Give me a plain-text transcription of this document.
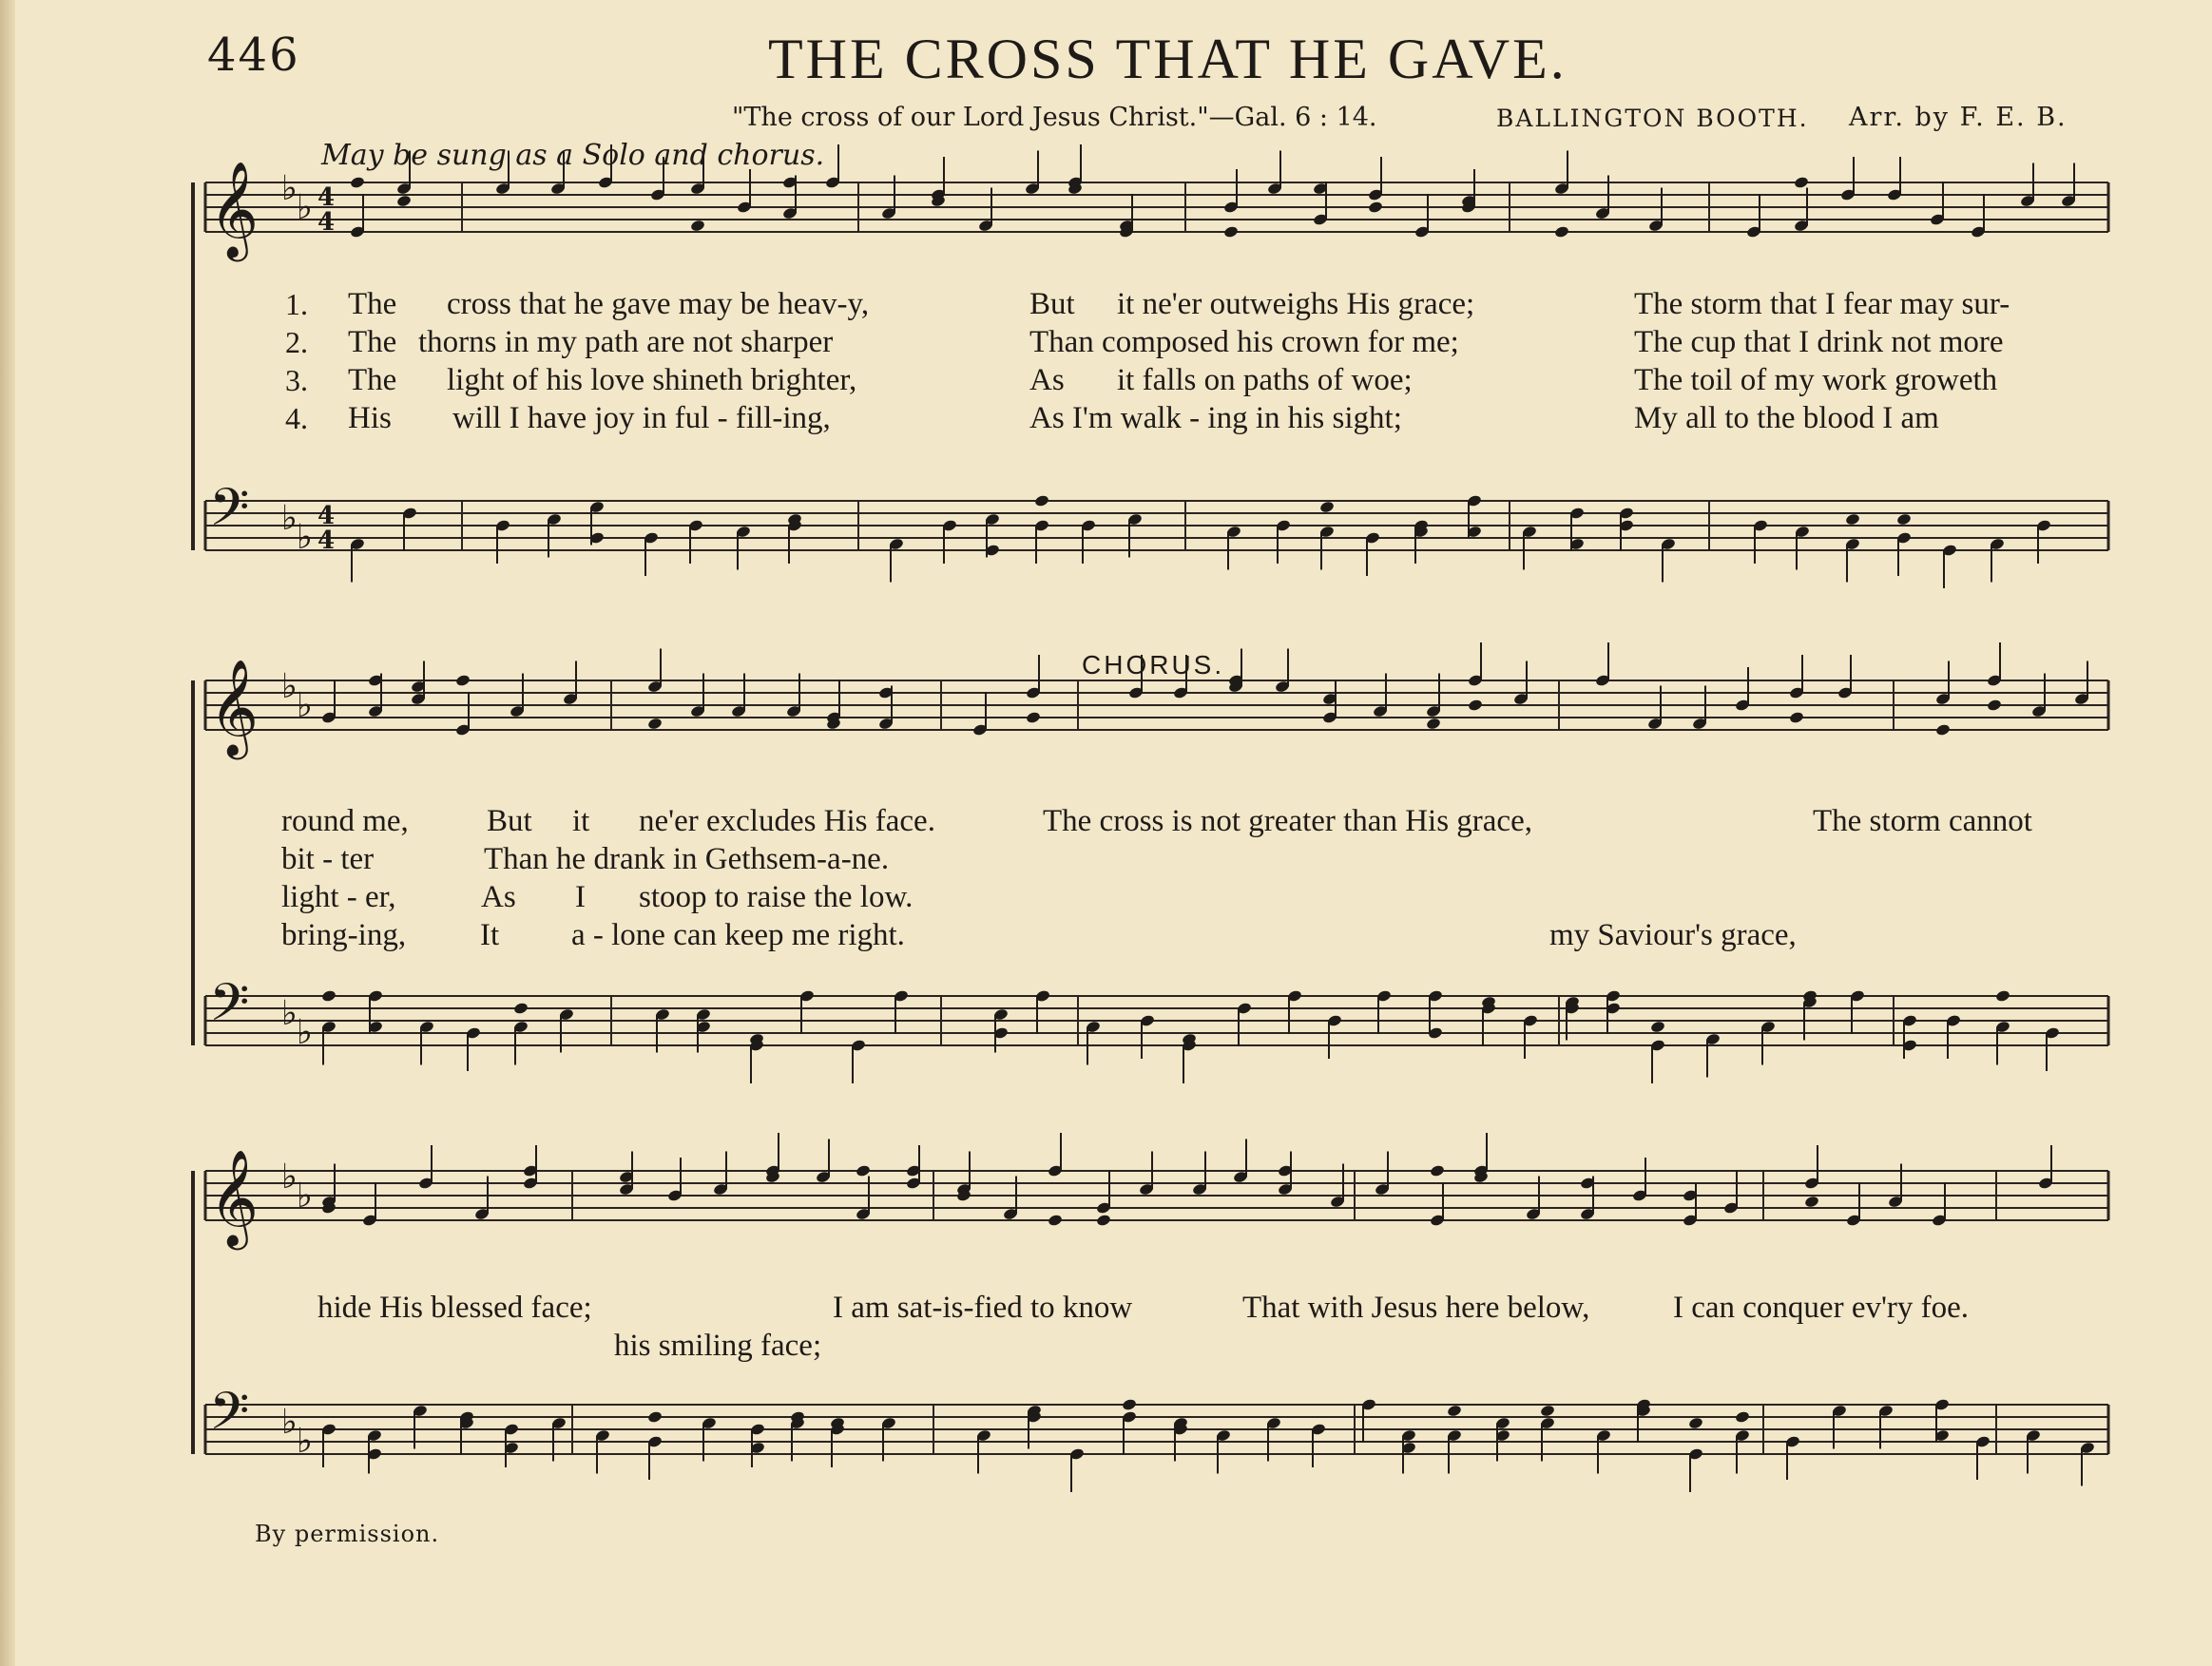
𝄞 ♭ ♭ 4
4
𝄢 ♭ ♭
4
4
𝄞 ♭ ♭
𝄢 ♭ ♭
𝄞 ♭ ♭
𝄢 ♭ ♭
446	THE CROSS THAT HE GAVE.
"The cross of our Lord Jesus Christ."—Gal. 6 : 14.	BALLINGTON BOOTH. Arr. by F. E. B.
May be sung as a Solo and chorus.
CHORUS.
1.
2.
3.
4.
The cross that he gave may be heav-y,	But it ne'er outweighs His grace;	The storm that I fear may sur-
The thorns in my path are not sharper	Than composed his crown for me;	The cup that I drink not more
The light of his love shineth brighter,	As it falls on paths of woe;	The toil of my work groweth
His will I have joy in ful - fill-ing,	As I'm walk - ing in his sight;	My all to the blood I am
round me, But it ne'er excludes His face.	The cross is not greater than His grace,	The storm cannot
bit - ter	Than he drank in Gethsem-a-ne.
light - er,	As I stoop to raise the low.
bring-ing, It a - lone can keep me right.	my Saviour's grace,
hide His blessed face;	I am sat-is-fied to know	That with Jesus here below,	I can conquer ev'ry foe.
his smiling face;
By permission.
